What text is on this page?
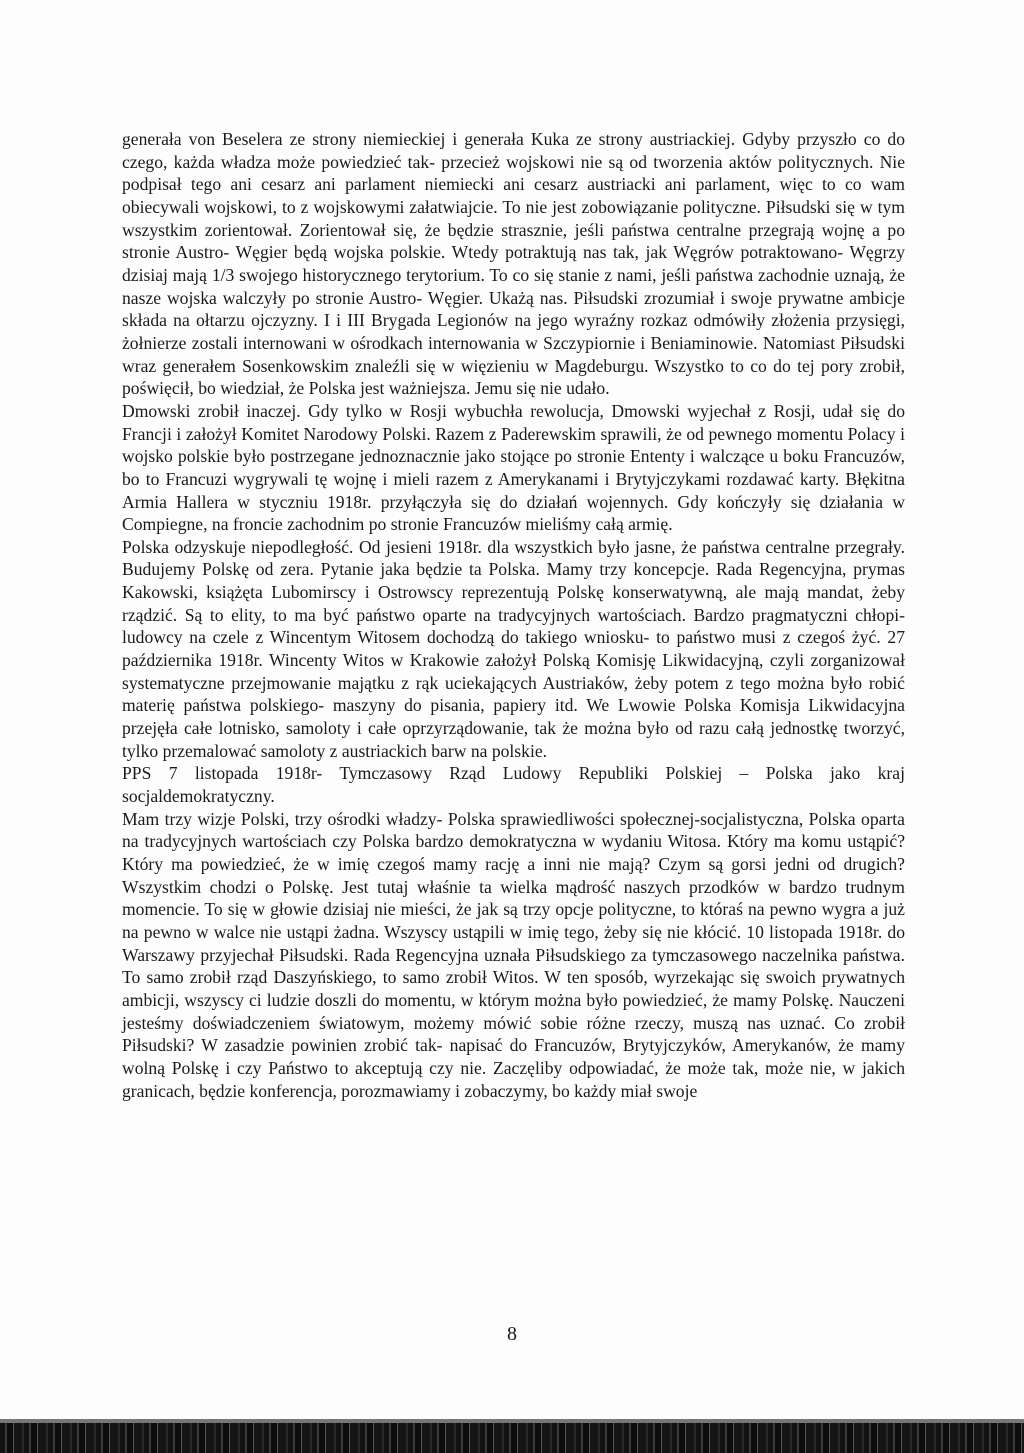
generała von Beselera ze strony niemieckiej i generała Kuka ze strony austriackiej. Gdyby przyszło co do czego, każda władza może powiedzieć tak- przecież wojskowi nie są od tworzenia aktów politycznych. Nie podpisał tego ani cesarz ani parlament niemiecki ani cesarz austriacki ani parlament, więc to co wam obiecywali wojskowi, to z wojskowymi załatwiajcie. To nie jest zobowiązanie polityczne. Piłsudski się w tym wszystkim zorientował. Zorientował się, że będzie strasznie, jeśli państwa centralne przegrają wojnę a po stronie Austro- Węgier będą wojska polskie. Wtedy potraktują nas tak, jak Węgrów potraktowano- Węgrzy dzisiaj mają 1/3 swojego historycznego terytorium. To co się stanie z nami, jeśli państwa zachodnie uznają, że nasze wojska walczyły po stronie Austro- Węgier. Ukażą nas. Piłsudski zrozumiał i swoje prywatne ambicje składa na ołtarzu ojczyzny. I i III Brygada Legionów na jego wyraźny rozkaz odmówiły złożenia przysięgi, żołnierze zostali internowani w ośrodkach internowania w Szczypiornie i Beniaminowie. Natomiast Piłsudski wraz generałem Sosenkowskim znaleźli się w więzieniu w Magdeburgu. Wszystko to co do tej pory zrobił, poświęcił, bo wiedział, że Polska jest ważniejsza. Jemu się nie udało.

Dmowski zrobił inaczej. Gdy tylko w Rosji wybuchła rewolucja, Dmowski wyjechał z Rosji, udał się do Francji i założył Komitet Narodowy Polski. Razem z Paderewskim sprawili, że od pewnego momentu Polacy i wojsko polskie było postrzegane jednoznacznie jako stojące po stronie Ententy i walczące u boku Francuzów, bo to Francuzi wygrywali tę wojnę i mieli razem z Amerykanami i Brytyjczykami rozdawać karty. Błękitna Armia Hallera w styczniu 1918r. przyłączyła się do działań wojennych. Gdy kończyły się działania w Compiegne, na froncie zachodnim po stronie Francuzów mieliśmy całą armię.

Polska odzyskuje niepodległość. Od jesieni 1918r. dla wszystkich było jasne, że państwa centralne przegrały. Budujemy Polskę od zera. Pytanie jaka będzie ta Polska. Mamy trzy koncepcje. Rada Regencyjna, prymas Kakowski, książęta Lubomirscy i Ostrowscy reprezentują Polskę konserwatywną, ale mają mandat, żeby rządzić. Są to elity, to ma być państwo oparte na tradycyjnych wartościach. Bardzo pragmatyczni chłopi- ludowcy na czele z Wincentym Witosem dochodzą do takiego wniosku- to państwo musi z czegoś żyć. 27 października 1918r. Wincenty Witos w Krakowie założył Polską Komisję Likwidacyjną, czyli zorganizował systematyczne przejmowanie majątku z rąk uciekających Austriaków, żeby potem z tego można było robić materię państwa polskiego- maszyny do pisania, papiery itd. We Lwowie Polska Komisja Likwidacyjna przejęła całe lotnisko, samoloty i całe oprzyrządowanie, tak że można było od razu całą jednostkę tworzyć, tylko przemalować samoloty z austriackich barw na polskie.

PPS 7 listopada 1918r- Tymczasowy Rząd Ludowy Republiki Polskiej – Polska jako kraj socjaldemokratyczny.

Mam trzy wizje Polski, trzy ośrodki władzy- Polska sprawiedliwości społecznej-socjalistyczna, Polska oparta na tradycyjnych wartościach czy Polska bardzo demokratyczna w wydaniu Witosa. Który ma komu ustąpić? Który ma powiedzieć, że w imię czegoś mamy rację a inni nie mają? Czym są gorsi jedni od drugich? Wszystkim chodzi o Polskę. Jest tutaj właśnie ta wielka mądrość naszych przodków w bardzo trudnym momencie. To się w głowie dzisiaj nie mieści, że jak są trzy opcje polityczne, to któraś na pewno wygra a już na pewno w walce nie ustąpi żadna. Wszyscy ustąpili w imię tego, żeby się nie kłócić. 10 listopada 1918r. do Warszawy przyjechał Piłsudski. Rada Regencyjna uznała Piłsudskiego za tymczasowego naczelnika państwa. To samo zrobił rząd Daszyńskiego, to samo zrobił Witos. W ten sposób, wyrzekając się swoich prywatnych ambicji, wszyscy ci ludzie doszli do momentu, w którym można było powiedzieć, że mamy Polskę. Nauczeni jesteśmy doświadczeniem światowym, możemy mówić sobie różne rzeczy, muszą nas uznać. Co zrobił Piłsudski? W zasadzie powinien zrobić tak- napisać do Francuzów, Brytyjczyków, Amerykanów, że mamy wolną Polskę i czy Państwo to akceptują czy nie. Zaczęliby odpowiadać, że może tak, może nie, w jakich granicach, będzie konferencja, porozmawiamy i zobaczymy, bo każdy miał swoje

8
